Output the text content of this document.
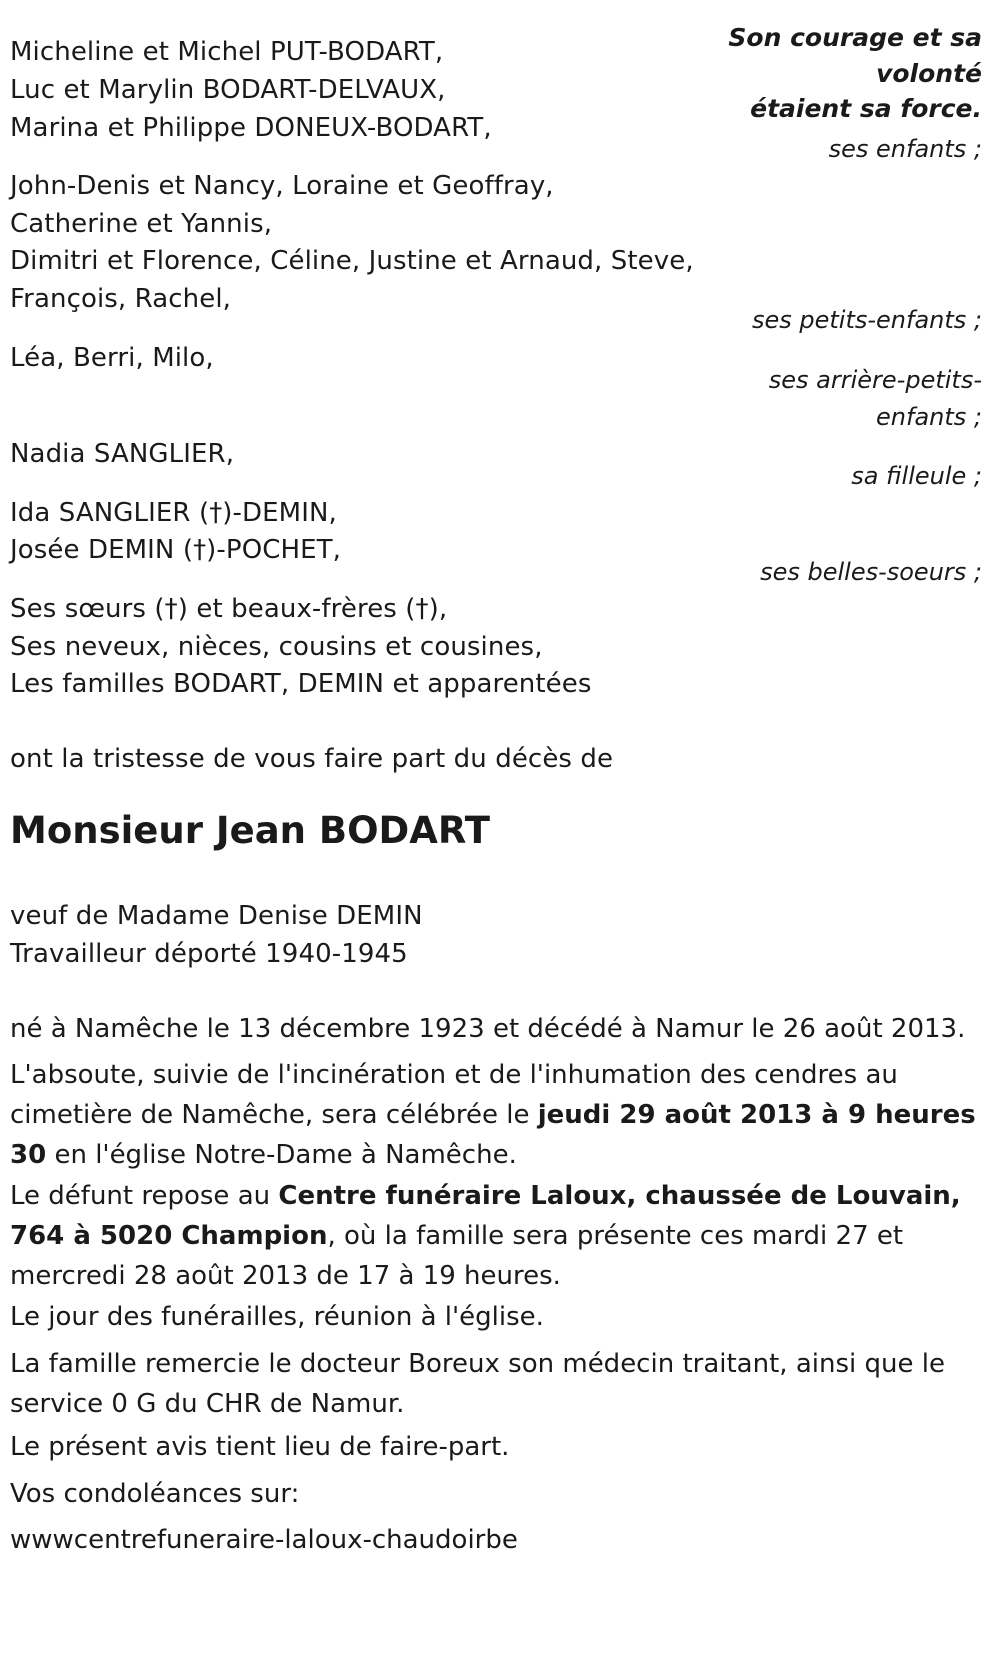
Son courage et sa
volonté
étaient sa force.
ses enfants ;
ses petits-enfants ;
ses arrière-petits-
enfants ;
sa filleule ;
ses belles-soeurs ;
Micheline et Michel PUT-BODART,
Luc et Marylin BODART-DELVAUX,
Marina et Philippe DONEUX-BODART,
John-Denis et Nancy, Loraine et Geoffray,
Catherine et Yannis,
Dimitri et Florence, Céline, Justine et Arnaud, Steve,
François, Rachel,
Léa, Berri, Milo,
Nadia SANGLIER,
Ida SANGLIER (†)-DEMIN,
Josée DEMIN (†)-POCHET,
Ses sœurs (†) et beaux-frères (†),
Ses neveux, nièces, cousins et cousines,
Les familles BODART, DEMIN et apparentées
ont la tristesse de vous faire part du décès de
Monsieur Jean BODART
veuf de Madame Denise DEMIN
Travailleur déporté 1940-1945
né à Namêche le 13 décembre 1923 et décédé à Namur le 26 août 2013.
L'absoute, suivie de l'incinération et de l'inhumation des cendres au cimetière de Namêche, sera célébrée le jeudi 29 août 2013 à 9 heures 30 en l'église Notre-Dame à Namêche.
Le défunt repose au Centre funéraire Laloux, chaussée de Louvain, 764 à 5020 Champion, où la famille sera présente ces mardi 27 et mercredi 28 août 2013 de 17 à 19 heures.
Le jour des funérailles, réunion à l'église.
La famille remercie le docteur Boreux son médecin traitant, ainsi que le service 0 G du CHR de Namur.
Le présent avis tient lieu de faire-part.
Vos condoléances sur:
wwwcentrefuneraire-laloux-chaudoirbe
